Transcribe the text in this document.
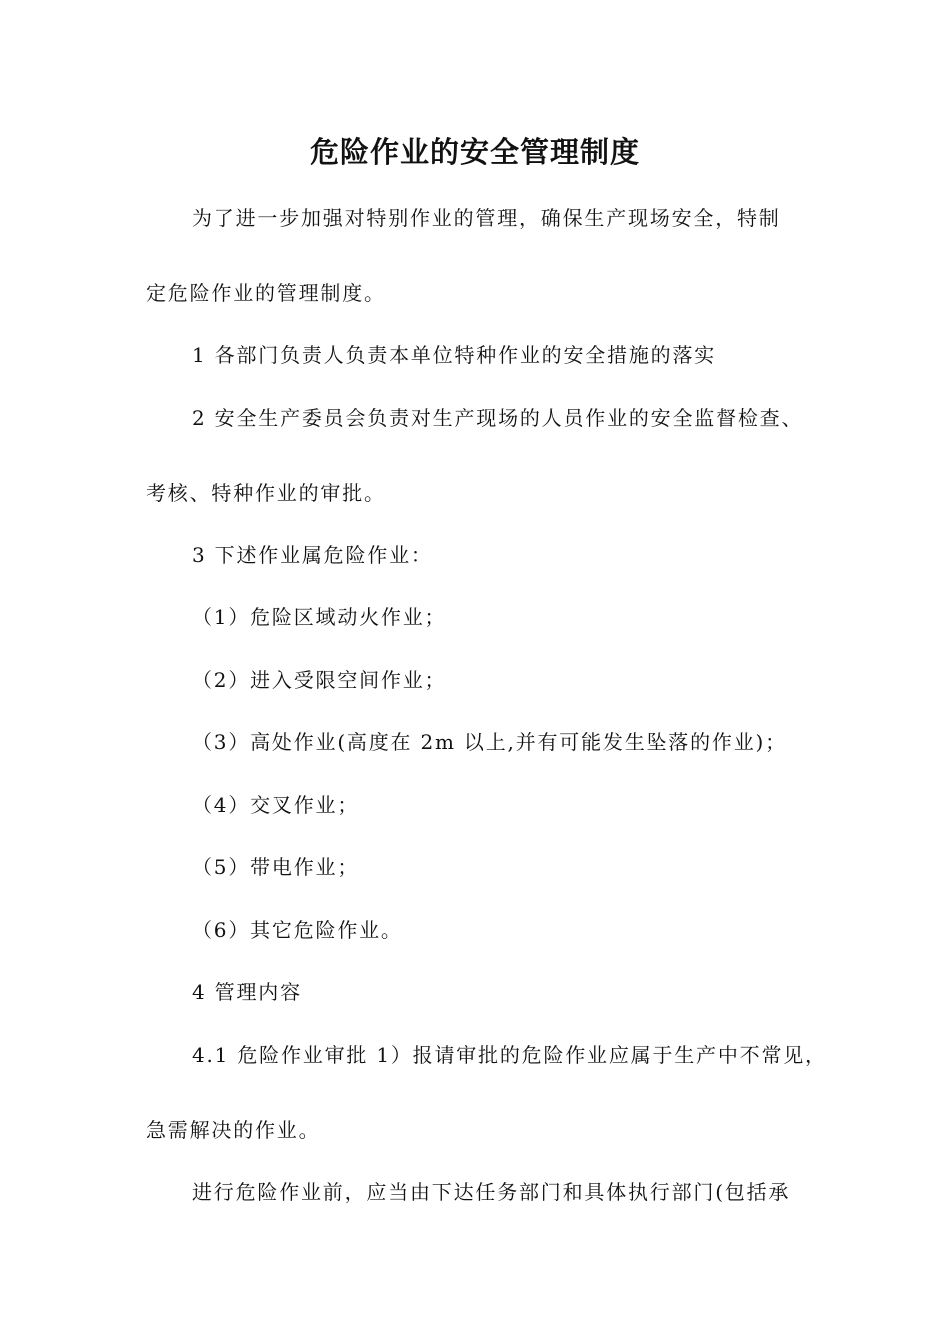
危险作业的安全管理制度
为了进一步加强对特别作业的管理，确保生产现场安全，特制
定危险作业的管理制度。
1 各部门负责人负责本单位特种作业的安全措施的落实
2 安全生产委员会负责对生产现场的人员作业的安全监督检查、
考核、特种作业的审批。
3 下述作业属危险作业：
（1）危险区域动火作业；
（2）进入受限空间作业；
（3）高处作业(高度在 2m 以上,并有可能发生坠落的作业)；
（4）交叉作业；
（5）带电作业；
（6）其它危险作业。
4 管理内容
4.1 危险作业审批 1）报请审批的危险作业应属于生产中不常见，
急需解决的作业。
进行危险作业前，应当由下达任务部门和具体执行部门(包括承
